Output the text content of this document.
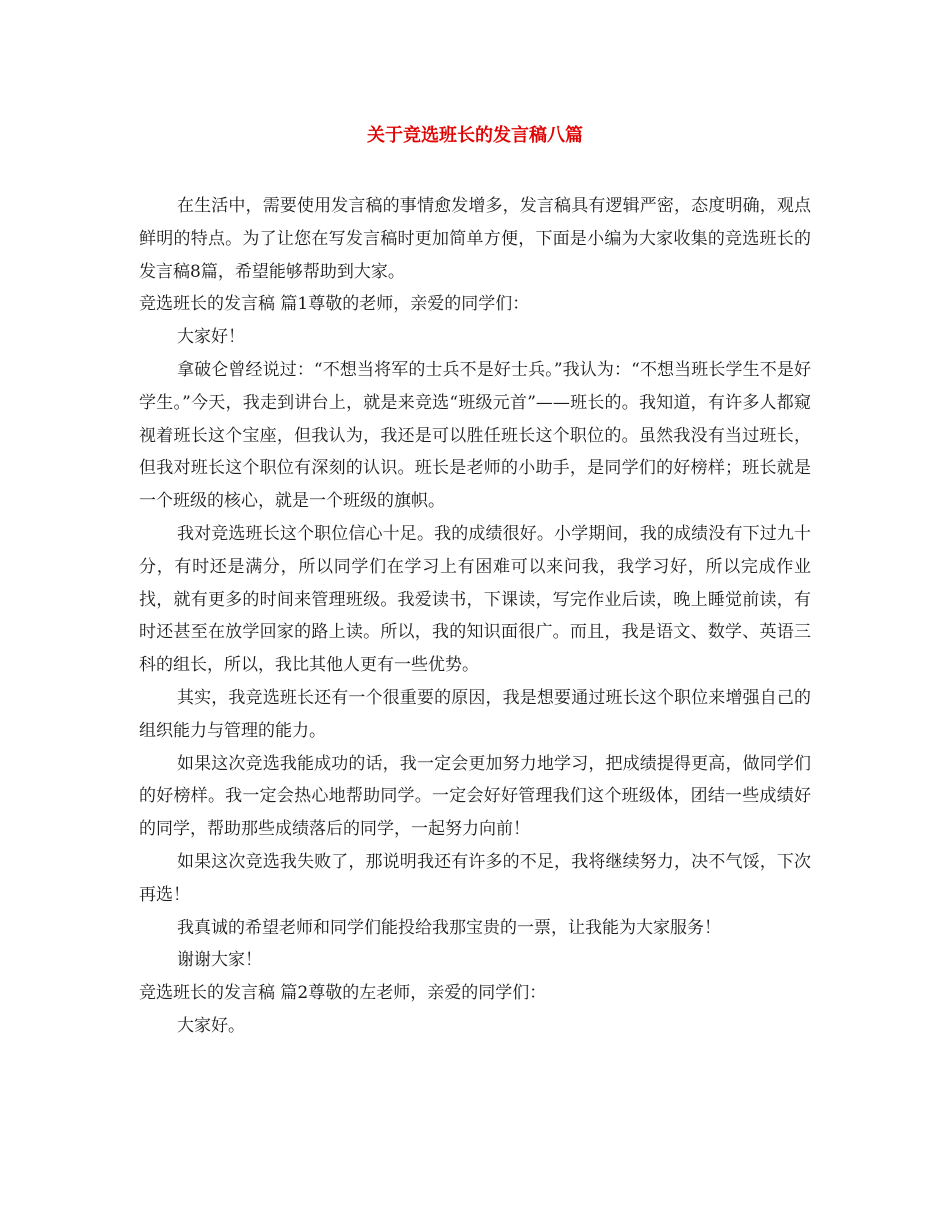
关于竞选班长的发言稿八篇

在生活中，需要使用发言稿的事情愈发增多，发言稿具有逻辑严密，态度明确，观点鲜明的特点。为了让您在写发言稿时更加简单方便，下面是小编为大家收集的竞选班长的发言稿8篇，希望能够帮助到大家。

竞选班长的发言稿 篇1尊敬的老师，亲爱的同学们：

大家好！

拿破仑曾经说过：“不想当将军的士兵不是好士兵。”我认为：“不想当班长学生不是好学生。”今天，我走到讲台上，就是来竞选“班级元首”——班长的。我知道，有许多人都窥视着班长这个宝座，但我认为，我还是可以胜任班长这个职位的。虽然我没有当过班长，但我对班长这个职位有深刻的认识。班长是老师的小助手，是同学们的好榜样；班长就是一个班级的核心，就是一个班级的旗帜。

我对竞选班长这个职位信心十足。我的成绩很好。小学期间，我的成绩没有下过九十分，有时还是满分，所以同学们在学习上有困难可以来问我，我学习好，所以完成作业找，就有更多的时间来管理班级。我爱读书，下课读，写完作业后读，晚上睡觉前读，有时还甚至在放学回家的路上读。所以，我的知识面很广。而且，我是语文、数学、英语三科的组长，所以，我比其他人更有一些优势。

其实，我竞选班长还有一个很重要的原因，我是想要通过班长这个职位来增强自己的组织能力与管理的能力。

如果这次竞选我能成功的话，我一定会更加努力地学习，把成绩提得更高，做同学们的好榜样。我一定会热心地帮助同学。一定会好好管理我们这个班级体，团结一些成绩好的同学，帮助那些成绩落后的同学，一起努力向前！

如果这次竞选我失败了，那说明我还有许多的不足，我将继续努力，决不气馁，下次再选！

我真诚的希望老师和同学们能投给我那宝贵的一票，让我能为大家服务！

谢谢大家！

竞选班长的发言稿 篇2尊敬的左老师，亲爱的同学们：

大家好。
